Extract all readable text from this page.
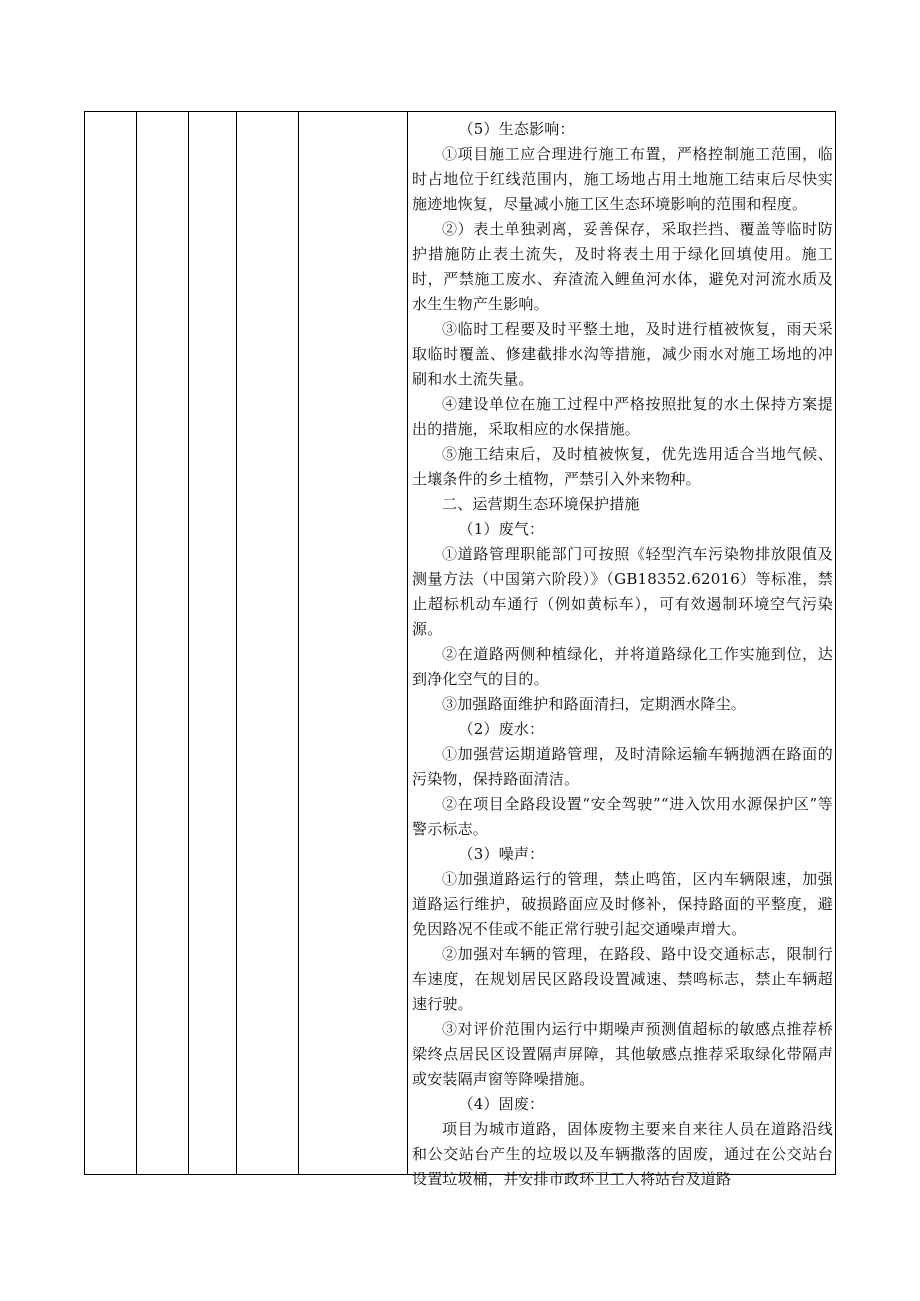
（5）生态影响：

①项目施工应合理进行施工布置，严格控制施工范围，临时占地位于红线范围内，施工场地占用土地施工结束后尽快实施迹地恢复，尽量减小施工区生态环境影响的范围和程度。

②）表土单独剥离，妥善保存，采取拦挡、覆盖等临时防护措施防止表土流失，及时将表土用于绿化回填使用。施工时，严禁施工废水、弃渣流入鲤鱼河水体，避免对河流水质及水生生物产生影响。

③临时工程要及时平整土地，及时进行植被恢复，雨天采取临时覆盖、修建截排水沟等措施，减少雨水对施工场地的冲刷和水土流失量。

④建设单位在施工过程中严格按照批复的水土保持方案提出的措施，采取相应的水保措施。

⑤施工结束后，及时植被恢复，优先选用适合当地气候、土壤条件的乡土植物，严禁引入外来物种。

二、运营期生态环境保护措施

（1）废气：

①道路管理职能部门可按照《轻型汽车污染物排放限值及测量方法（中国第六阶段）》（GB18352.62016）等标准，禁止超标机动车通行（例如黄标车），可有效遏制环境空气污染源。

②在道路两侧种植绿化，并将道路绿化工作实施到位，达到净化空气的目的。

③加强路面维护和路面清扫，定期洒水降尘。

（2）废水：

①加强营运期道路管理，及时清除运输车辆抛洒在路面的污染物，保持路面清洁。

②在项目全路段设置“安全驾驶”“进入饮用水源保护区”等警示标志。

（3）噪声：

①加强道路运行的管理，禁止鸣笛，区内车辆限速，加强道路运行维护，破损路面应及时修补，保持路面的平整度，避免因路况不佳或不能正常行驶引起交通噪声增大。

②加强对车辆的管理，在路段、路中设交通标志，限制行车速度，在规划居民区路段设置减速、禁鸣标志，禁止车辆超速行驶。

③对评价范围内运行中期噪声预测值超标的敏感点推荐桥梁终点居民区设置隔声屏障，其他敏感点推荐采取绿化带隔声或安装隔声窗等降噪措施。

（4）固废：

项目为城市道路，固体废物主要来自来往人员在道路沿线和公交站台产生的垃圾以及车辆撒落的固废，通过在公交站台设置垃圾桶，并安排市政环卫工人将站台及道路
